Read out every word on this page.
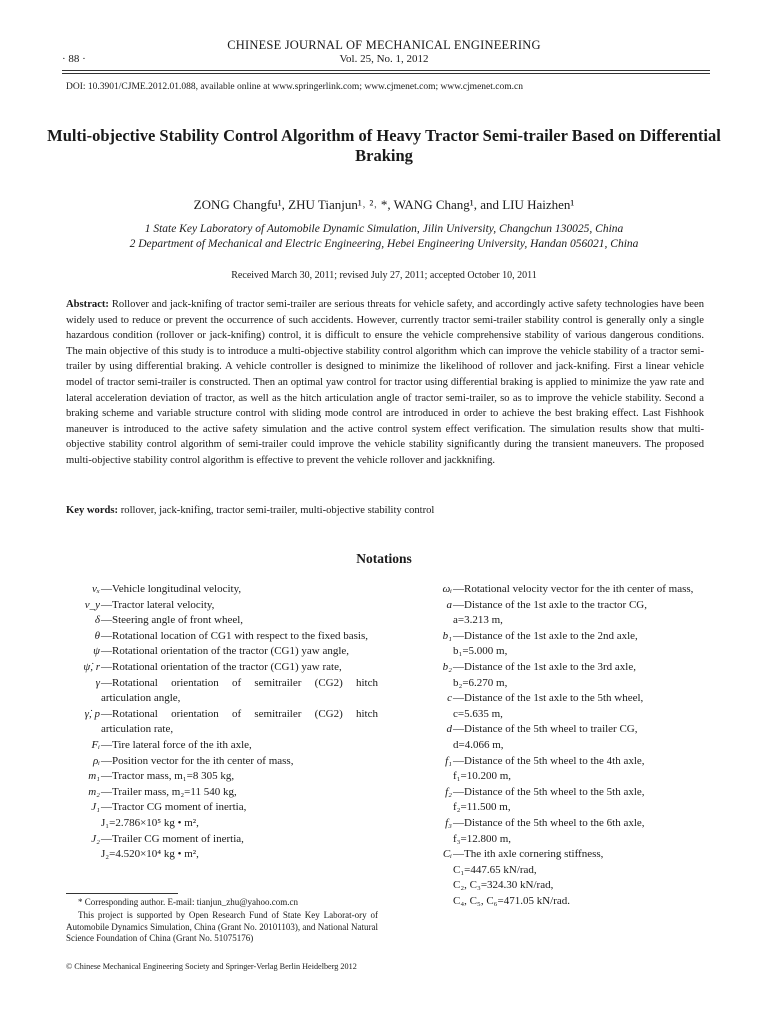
CHINESE JOURNAL OF MECHANICAL ENGINEERING
· 88 ·	Vol. 25, No. 1, 2012
DOI: 10.3901/CJME.2012.01.088, available online at www.springerlink.com; www.cjmenet.com; www.cjmenet.com.cn
Multi-objective Stability Control Algorithm of Heavy Tractor Semi-trailer Based on Differential Braking
ZONG Changfu¹, ZHU Tianjun¹˒ ²˒ *, WANG Chang¹, and LIU Haizhen¹
1 State Key Laboratory of Automobile Dynamic Simulation, Jilin University, Changchun 130025, China
2 Department of Mechanical and Electric Engineering, Hebei Engineering University, Handan 056021, China
Received March 30, 2011; revised July 27, 2011; accepted October 10, 2011
Abstract: Rollover and jack-knifing of tractor semi-trailer are serious threats for vehicle safety, and accordingly active safety technologies have been widely used to reduce or prevent the occurrence of such accidents. However, currently tractor semi-trailer stability control is generally only a single hazardous condition (rollover or jack-knifing) control, it is difficult to ensure the vehicle comprehensive stability of various dangerous conditions. The main objective of this study is to introduce a multi-objective stability control algorithm which can improve the vehicle stability of a tractor semi-trailer by using differential braking. A vehicle controller is designed to minimize the likelihood of rollover and jack-knifing. First a linear vehicle model of tractor semi-trailer is constructed. Then an optimal yaw control for tractor using differential braking is applied to minimize the yaw rate and lateral acceleration deviation of tractor, as well as the hitch articulation angle of tractor semi-trailer, so as to improve the vehicle stability. Second a braking scheme and variable structure control with sliding mode control are introduced in order to achieve the best braking effect. Last Fishhook maneuver is introduced to the active safety simulation and the active control system effect verification. The simulation results show that multi-objective stability control algorithm of semi-trailer could improve the vehicle stability significantly during the transient maneuvers. The proposed multi-objective stability control algorithm is effective to prevent the vehicle rollover and jackknifing.
Key words: rollover, jack-knifing, tractor semi-trailer, multi-objective stability control
Notations
vₓ —Vehicle longitudinal velocity,
v_y —Tractor lateral velocity,
δ —Steering angle of front wheel,
θ —Rotational location of CG1 with respect to the fixed basis,
ψ —Rotational orientation of the tractor (CG1) yaw angle,
ψ̇, r —Rotational orientation of the tractor (CG1) yaw rate,
γ —Rotational orientation of semitrailer (CG2) hitch articulation angle,
γ̇, p —Rotational orientation of semitrailer (CG2) hitch articulation rate,
Fᵢ —Tire lateral force of the ith axle,
ρᵢ —Position vector for the ith center of mass,
m₁ —Tractor mass, m₁=8 305 kg,
m₂ —Trailer mass, m₂=11 540 kg,
J₁ —Tractor CG moment of inertia,
J₁=2.786×10⁵ kg • m²,
J₂ —Trailer CG moment of inertia,
J₂=4.520×10⁴ kg • m²,
ωᵢ —Rotational velocity vector for the ith center of mass,
a —Distance of the 1st axle to the tractor CG,
a=3.213 m,
b₁ —Distance of the 1st axle to the 2nd axle,
b₁=5.000 m,
b₂ —Distance of the 1st axle to the 3rd axle,
b₂=6.270 m,
c —Distance of the 1st axle to the 5th wheel,
c=5.635 m,
d —Distance of the 5th wheel to trailer CG,
d=4.066 m,
f₁ —Distance of the 5th wheel to the 4th axle,
f₁=10.200 m,
f₂ —Distance of the 5th wheel to the 5th axle,
f₂=11.500 m,
f₃ —Distance of the 5th wheel to the 6th axle,
f₃=12.800 m,
Cᵢ —The ith axle cornering stiffness,
C₁=447.65 kN/rad,
C₂, C₃=324.30 kN/rad,
C₄, C₅, C₆=471.05 kN/rad.
* Corresponding author. E-mail: tianjun_zhu@yahoo.com.cn
This project is supported by Open Research Fund of State Key Laborat-ory of Automobile Dynamics Simulation, China (Grant No. 20101103), and National Natural Science Foundation of China (Grant No. 51075176)
© Chinese Mechanical Engineering Society and Springer-Verlag Berlin Heidelberg 2012
